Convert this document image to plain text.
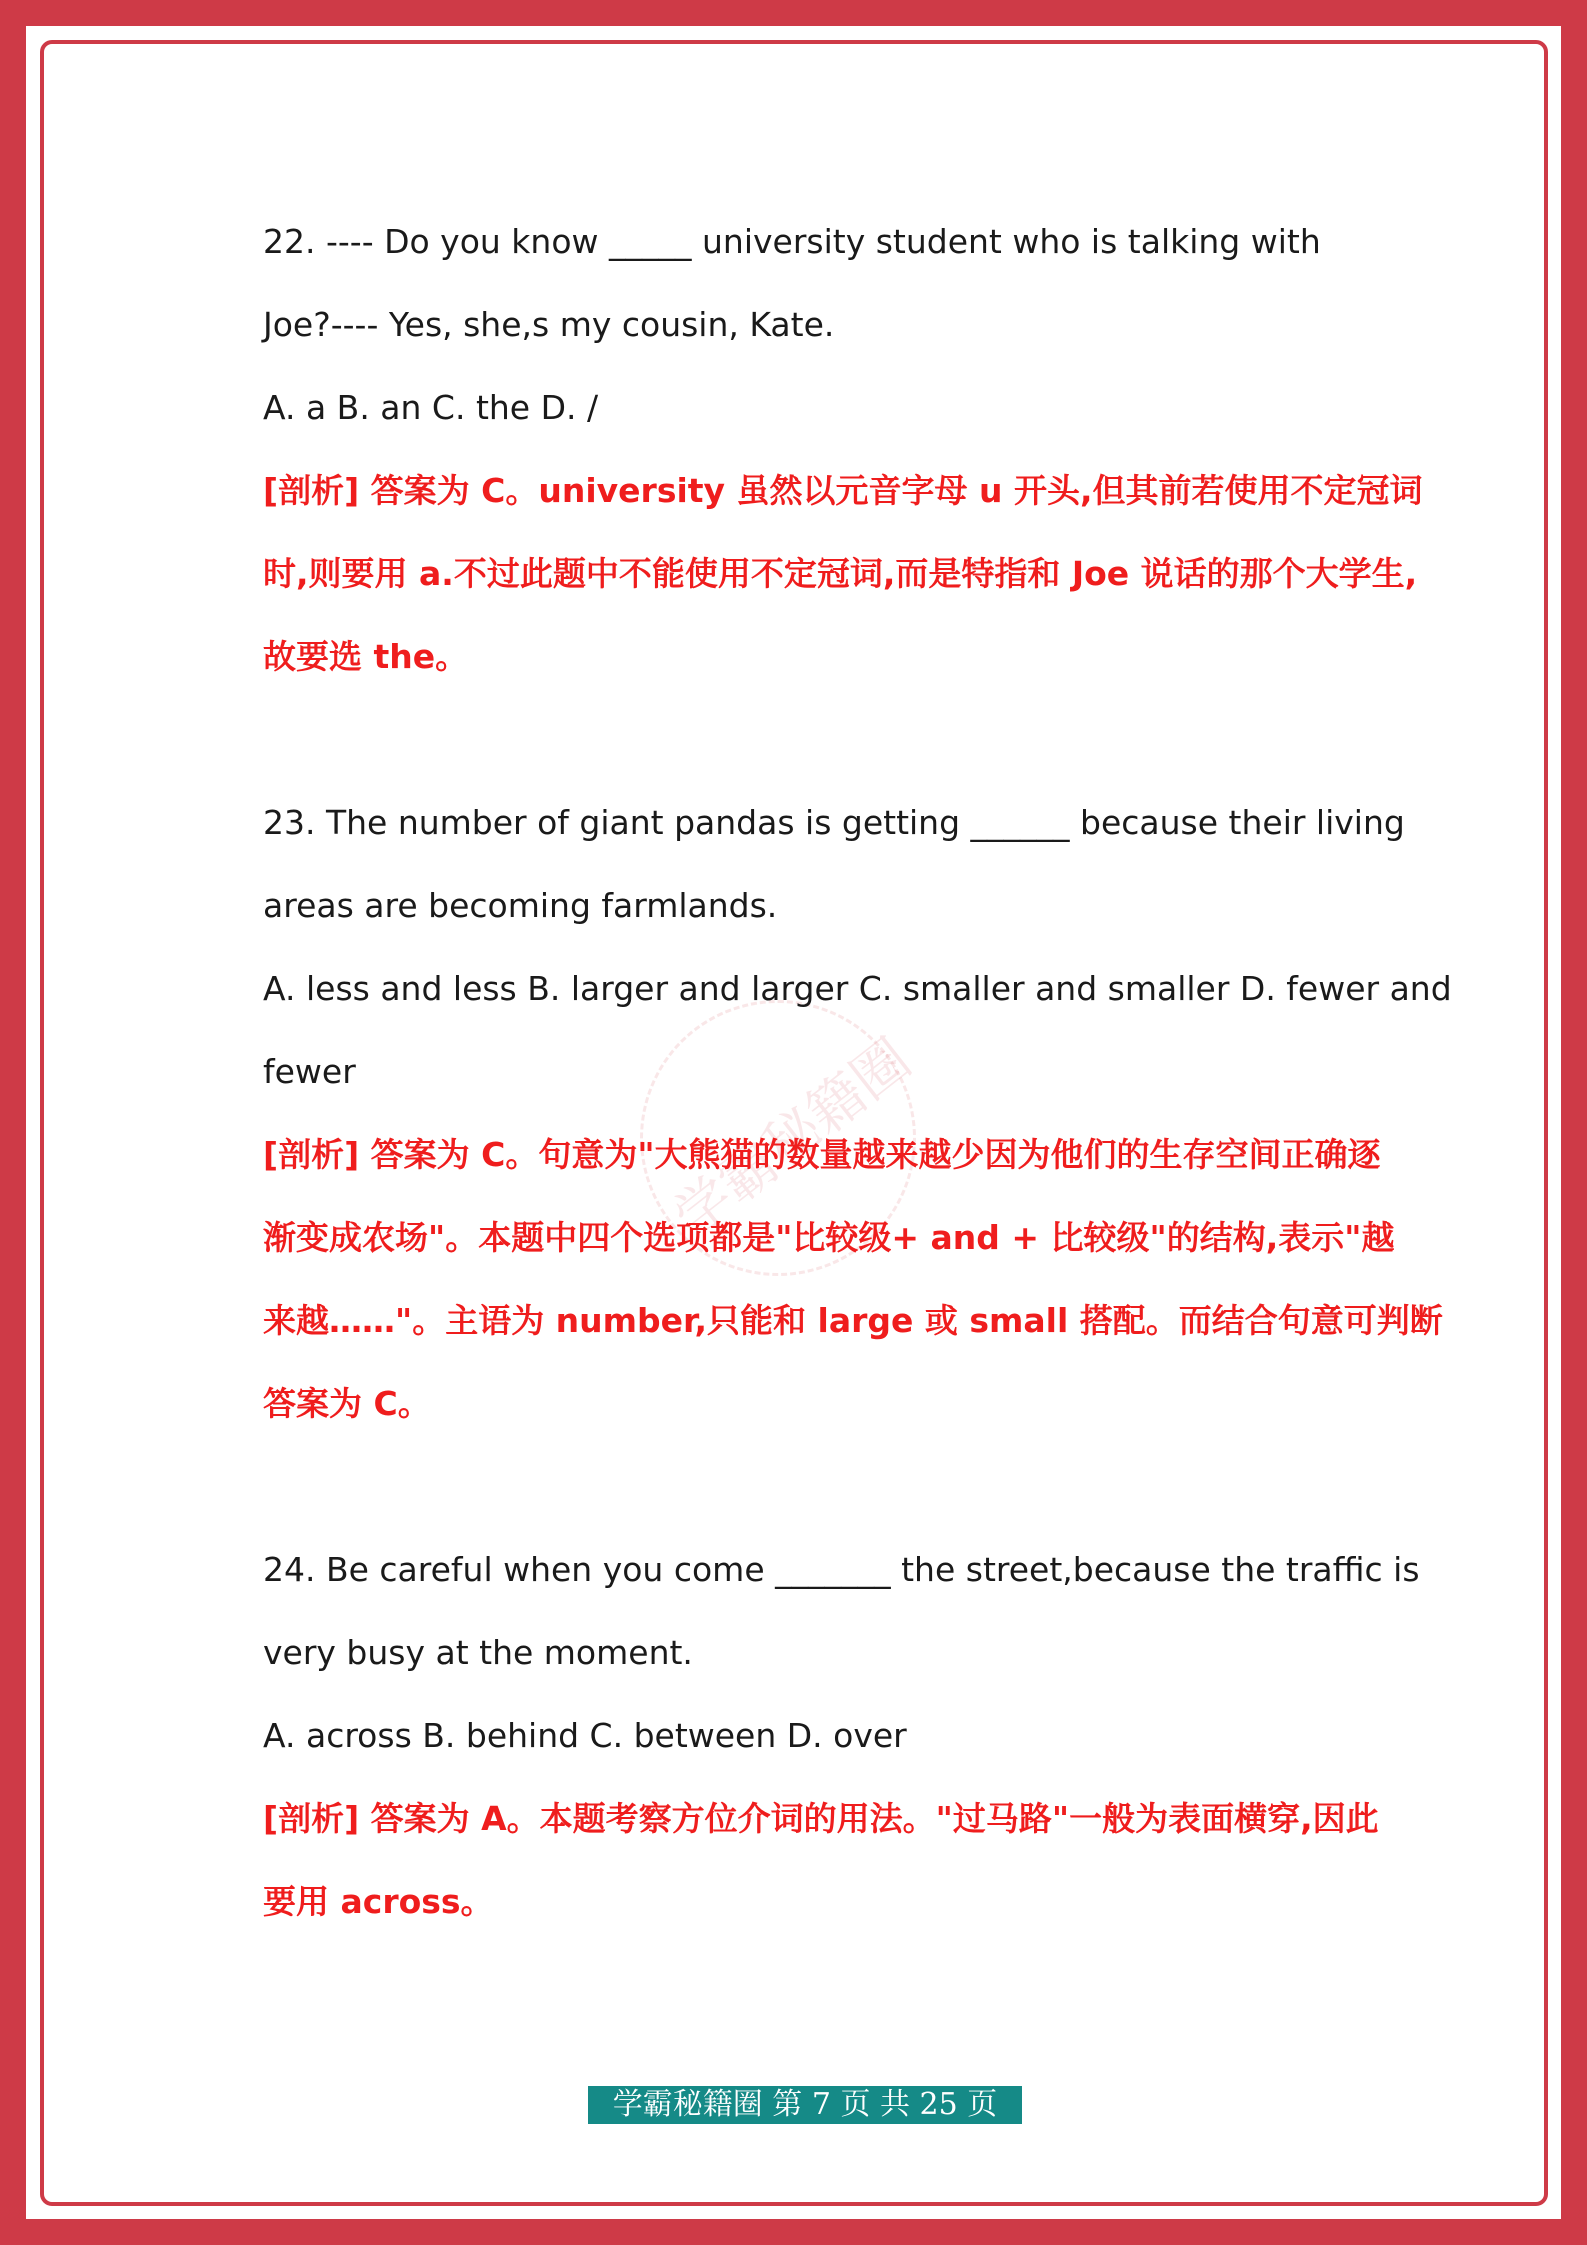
22. ---- Do you know _____ university student who is talking with
Joe?---- Yes, she,s my cousin, Kate.
A. a B. an C. the D. /
[剖析] 答案为 C。university 虽然以元音字母 u 开头,但其前若使用不定冠词
时,则要用 a.不过此题中不能使用不定冠词,而是特指和 Joe 说话的那个大学生,
故要选 the。
23. The number of giant pandas is getting ______ because their living
areas are becoming farmlands.
A. less and less B. larger and larger C. smaller and smaller D. fewer and
fewer
[剖析] 答案为 C。句意为"大熊猫的数量越来越少因为他们的生存空间正确逐
渐变成农场"。本题中四个选项都是"比较级+ and + 比较级"的结构,表示"越
来越……"。主语为 number,只能和 large 或 small 搭配。而结合句意可判断
答案为 C。
24. Be careful when you come _______ the street,because the traffic is
very busy at the moment.
A. across B. behind C. between D. over
[剖析] 答案为 A。本题考察方位介词的用法。"过马路"一般为表面横穿,因此
要用 across。
学霸秘籍圈 第 7 页 共 25 页
